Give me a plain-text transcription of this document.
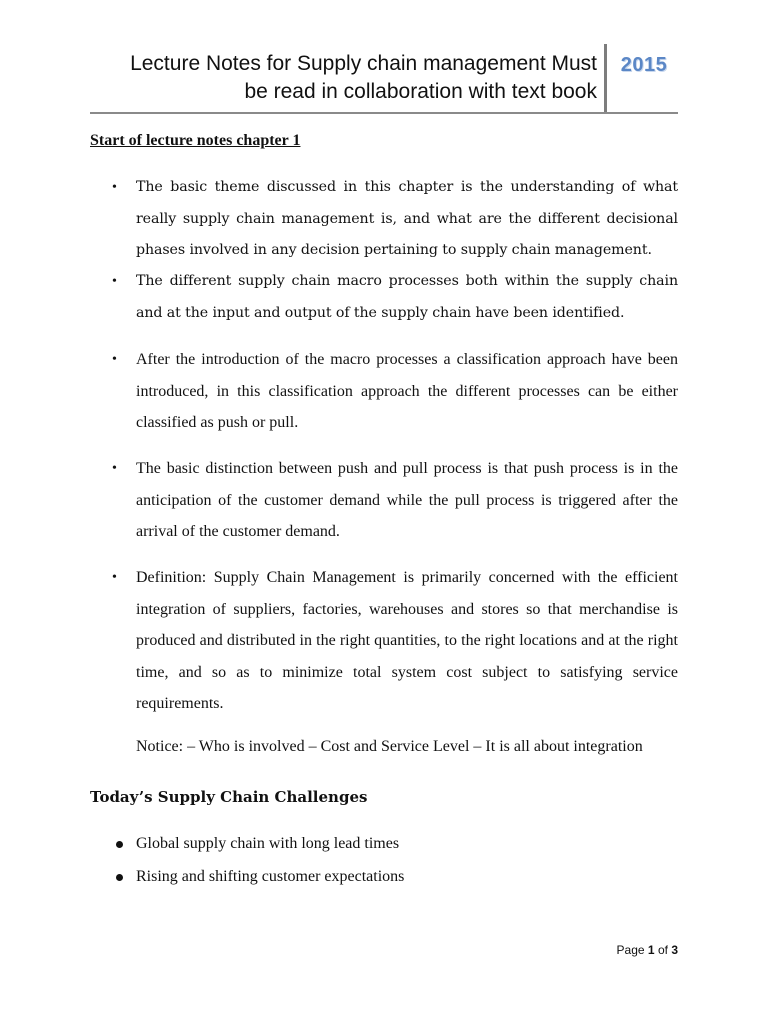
Lecture Notes for Supply chain management Must
be read in collaboration with text book
2015
Start of lecture notes chapter 1
•	The basic theme discussed in this chapter is the understanding of what really supply chain management is, and what are the different decisional phases involved in any decision pertaining to supply chain management.
•	The different supply chain macro processes both within the supply chain and at the input and output of the supply chain have been identified.
•	After the introduction of the macro processes a classification approach have been introduced, in this classification approach the different processes can be either classified as push or pull.
•	The basic distinction between push and pull process is that push process is in the anticipation of the customer demand while the pull process is triggered after the arrival of the customer demand.
•	Definition: Supply Chain Management is primarily concerned with the efficient integration of suppliers, factories, warehouses and stores so that merchandise is produced and distributed in the right quantities, to the right locations and at the right time, and so as to minimize total system cost subject to satisfying service requirements.
Notice: – Who is involved – Cost and Service Level – It is all about integration
Today’s Supply Chain Challenges
Global supply chain with long lead times
Rising and shifting customer expectations
Page 1 of 3
